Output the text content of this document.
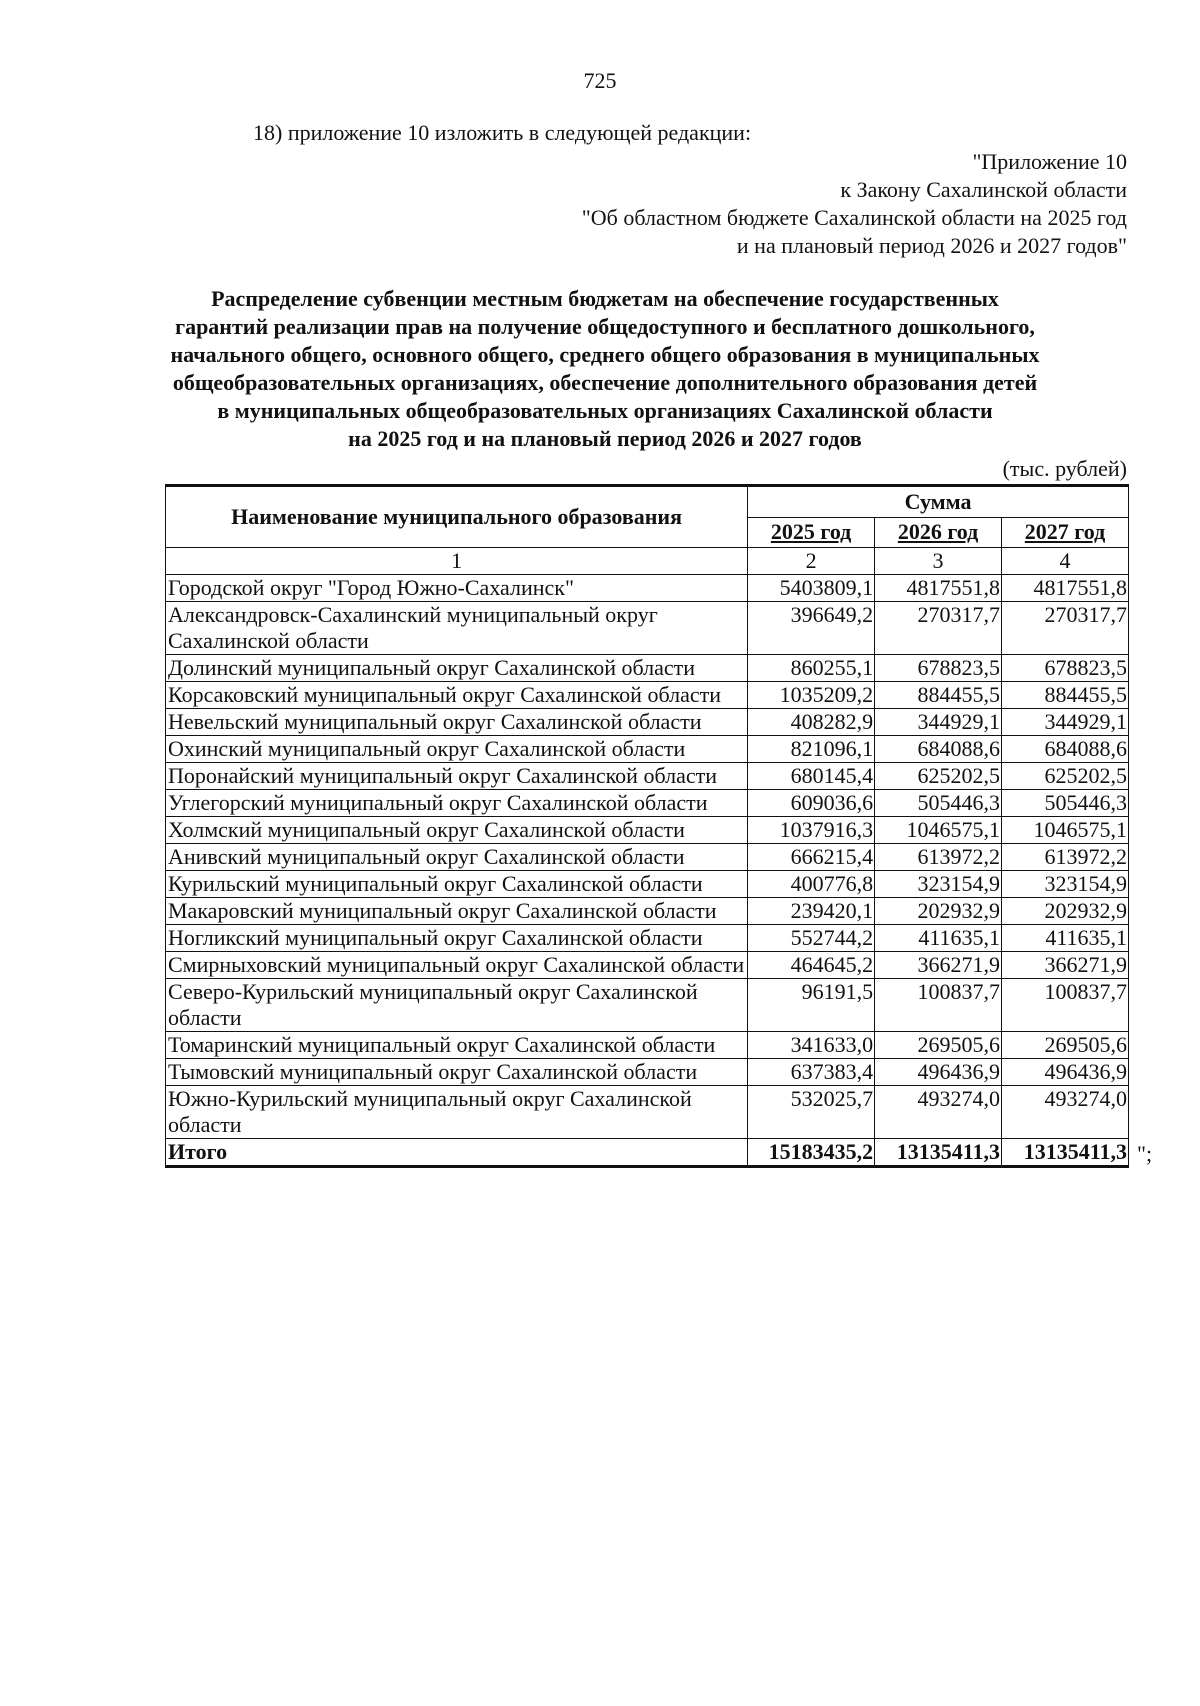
725
18) приложение 10 изложить в следующей редакции:
"Приложение 10
к Закону Сахалинской области
"Об областном бюджете Сахалинской области на 2025 год
и на плановый период 2026 и 2027 годов"
Распределение субвенции местным бюджетам на обеспечение государственных
гарантий реализации прав на получение общедоступного и бесплатного дошкольного,
начального общего, основного общего, среднего общего образования в муниципальных
общеобразовательных организациях, обеспечение дополнительного образования детей
в муниципальных общеобразовательных организациях Сахалинской области
на 2025 год и на плановый период 2026 и 2027 годов
(тыс. рублей)
Наименование муниципального образования	Сумма		
	2025 год	2026 год	2027 год
1	2	3	4
Городской округ "Город Южно-Сахалинск"	5403809,1	4817551,8	4817551,8
Александровск-Сахалинский муниципальный округ Сахалинской области	396649,2	270317,7	270317,7
Долинский муниципальный округ Сахалинской области	860255,1	678823,5	678823,5
Корсаковский муниципальный округ Сахалинской области	1035209,2	884455,5	884455,5
Невельский муниципальный округ Сахалинской области	408282,9	344929,1	344929,1
Охинский муниципальный округ Сахалинской области	821096,1	684088,6	684088,6
Поронайский муниципальный округ Сахалинской области	680145,4	625202,5	625202,5
Углегорский муниципальный округ Сахалинской области	609036,6	505446,3	505446,3
Холмский муниципальный округ Сахалинской области	1037916,3	1046575,1	1046575,1
Анивский муниципальный округ Сахалинской области	666215,4	613972,2	613972,2
Курильский муниципальный округ Сахалинской области	400776,8	323154,9	323154,9
Макаровский муниципальный округ Сахалинской области	239420,1	202932,9	202932,9
Ногликский муниципальный округ Сахалинской области	552744,2	411635,1	411635,1
Смирныховский муниципальный округ Сахалинской области	464645,2	366271,9	366271,9
Северо-Курильский муниципальный округ Сахалинской области	96191,5	100837,7	100837,7
Томаринский муниципальный округ Сахалинской области	341633,0	269505,6	269505,6
Тымовский муниципальный округ Сахалинской области	637383,4	496436,9	496436,9
Южно-Курильский муниципальный округ Сахалинской области	532025,7	493274,0	493274,0
Итого	15183435,2	13135411,3	13135411,3 ";
